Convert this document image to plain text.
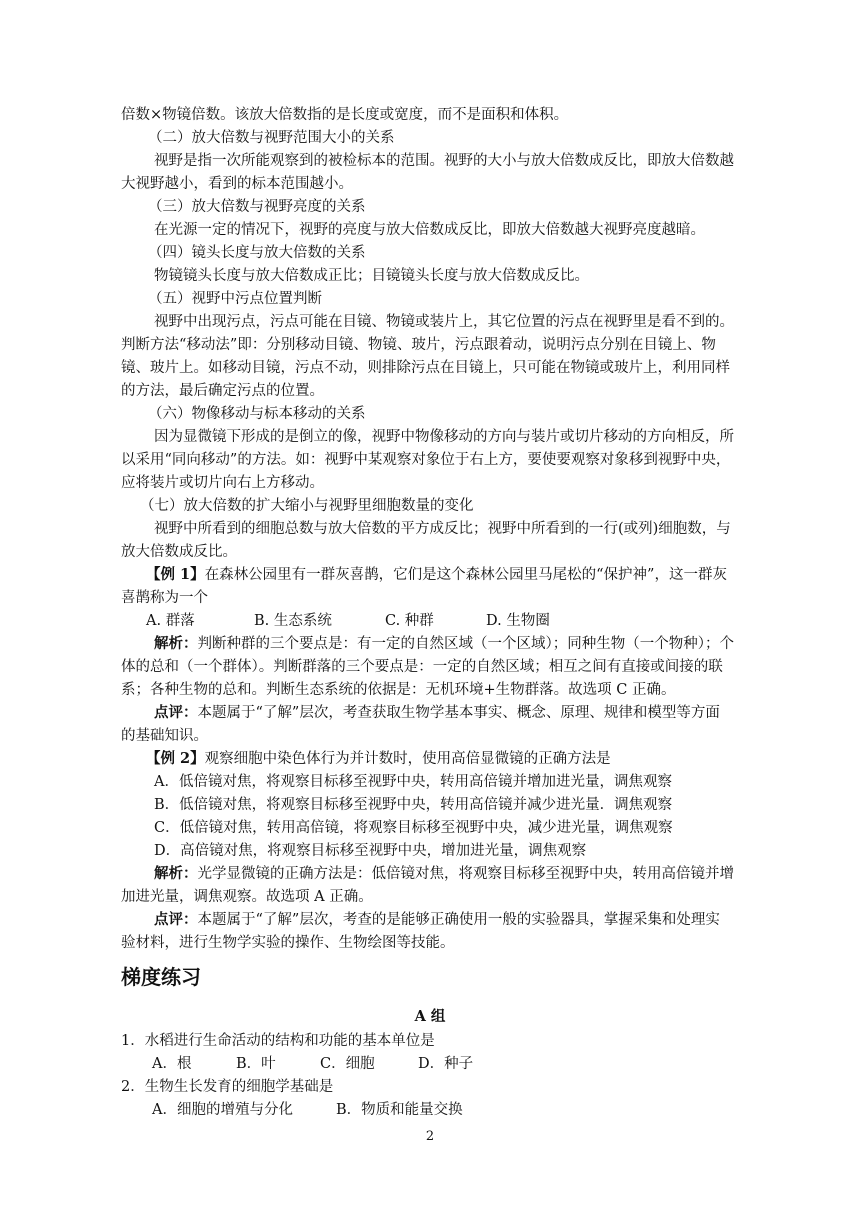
倍数×物镜倍数。该放大倍数指的是长度或宽度，而不是面积和体积。
（二）放大倍数与视野范围大小的关系
视野是指一次所能观察到的被检标本的范围。视野的大小与放大倍数成反比，即放大倍数越
大视野越小，看到的标本范围越小。
（三）放大倍数与视野亮度的关系
在光源一定的情况下，视野的亮度与放大倍数成反比，即放大倍数越大视野亮度越暗。
（四）镜头长度与放大倍数的关系
物镜镜头长度与放大倍数成正比；目镜镜头长度与放大倍数成反比。
（五）视野中污点位置判断
视野中出现污点，污点可能在目镜、物镜或装片上，其它位置的污点在视野里是看不到的。
判断方法“移动法”即：分别移动目镜、物镜、玻片，污点跟着动，说明污点分别在目镜上、物
镜、玻片上。如移动目镜，污点不动，则排除污点在目镜上，只可能在物镜或玻片上，利用同样
的方法，最后确定污点的位置。
（六）物像移动与标本移动的关系
因为显微镜下形成的是倒立的像，视野中物像移动的方向与装片或切片移动的方向相反，所
以采用“同向移动”的方法。如：视野中某观察对象位于右上方，要使要观察对象移到视野中央，
应将装片或切片向右上方移动。
（七）放大倍数的扩大缩小与视野里细胞数量的变化
视野中所看到的细胞总数与放大倍数的平方成反比；视野中所看到的一行(或列)细胞数，与
放大倍数成反比。
【例 1】在森林公园里有一群灰喜鹊，它们是这个森林公园里马尾松的“保护神”，这一群灰
喜鹊称为一个
A. 群落	B. 生态系统	C. 种群	D. 生物圈
解析：判断种群的三个要点是：有一定的自然区域（一个区域）；同种生物（一个物种）；个
体的总和（一个群体）。判断群落的三个要点是：一定的自然区域；相互之间有直接或间接的联
系；各种生物的总和。判断生态系统的依据是：无机环境+生物群落。故选项 C 正确。
点评：本题属于“了解”层次，考查获取生物学基本事实、概念、原理、规律和模型等方面
的基础知识。
【例 2】观察细胞中染色体行为并计数时，使用高倍显微镜的正确方法是
A．低倍镜对焦，将观察目标移至视野中央，转用高倍镜并增加进光量，调焦观察
B．低倍镜对焦，将观察目标移至视野中央，转用高倍镜并减少进光量．调焦观察
C．低倍镜对焦，转用高倍镜，将观察目标移至视野中央，减少进光量，调焦观察
D．高倍镜对焦，将观察目标移至视野中央，增加进光量，调焦观察
解析：光学显微镜的正确方法是：低倍镜对焦，将观察目标移至视野中央，转用高倍镜并增
加进光量，调焦观察。故选项 A 正确。
点评：本题属于“了解”层次，考查的是能够正确使用一般的实验器具，掌握采集和处理实
验材料，进行生物学实验的操作、生物绘图等技能。
梯度练习
A 组
1．水稻进行生命活动的结构和功能的基本单位是
A．根	B．叶	C．细胞	D．种子
2．生物生长发育的细胞学基础是
A．细胞的增殖与分化	B．物质和能量交换
2
